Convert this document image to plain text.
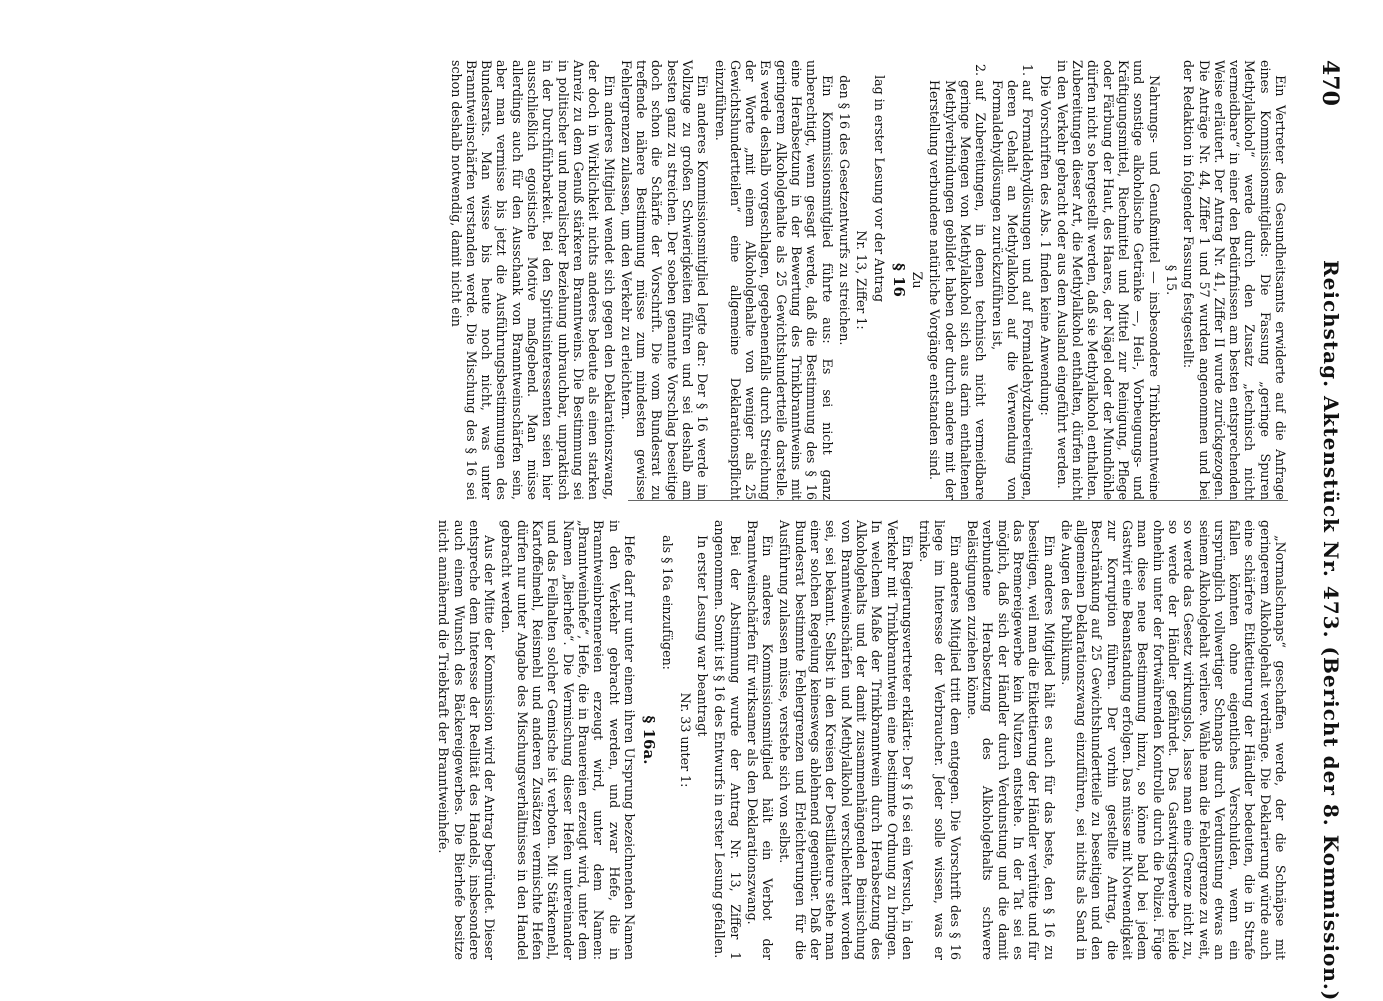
470
Reichstag. Aktenstück Nr. 473. (Bericht der 8. Kommission.)

Ein Vertreter des Gesundheitsamts erwiderte auf die Anfrage eines Kommissionsmitglieds: Die Fassung „geringe Spuren Methylalkohol“ werde durch den Zusatz „technisch nicht vermeidbare“ in einer den Bedürfnissen am besten entsprechenden Weise erläutert. Der Antrag Nr. 41, Ziffer II wurde zurückgezogen. Die Anträge Nr. 44, Ziffer 1 und 57 wurden angenommen und bei der Redaktion in folgender Fassung festgestellt:

§ 15.

Nahrungs- und Genußmittel — insbesondere Trinkbranntweine und sonstige alkoholische Getränke —, Heil-, Vorbeugungs- und Kräftigungsmittel, Riechmittel und Mittel zur Reinigung, Pflege oder Färbung der Haut, des Haares, der Nägel oder der Mundhöhle dürfen nicht so hergestellt werden, daß sie Methylalkohol enthalten. Zubereitungen dieser Art, die Methylalkohol enthalten, dürfen nicht in den Verkehr gebracht oder aus dem Ausland eingeführt werden.

Die Vorschriften des Abs. 1 finden keine Anwendung:

1. auf Formaldehydlösungen und auf Formaldehydzubereitungen, deren Gehalt an Methylalkohol auf die Verwendung von Formaldehydlösungen zurückzuführen ist,
2. auf Zubereitungen, in denen technisch nicht vermeidbare geringe Mengen von Methylalkohol sich aus darin enthaltenen Methylverbindungen gebildet haben oder durch andere mit der Herstellung verbundene natürliche Vorgänge entstanden sind.

Zu

§ 16

lag in erster Lesung vor der Antrag

Nr. 13, Ziffer 1:

den § 16 des Gesetzentwurfs zu streichen.

Ein Kommissionsmitglied führte aus: Es sei nicht ganz unberechtigt, wenn gesagt werde, daß die Bestimmung des § 16 eine Herabsetzung in der Bewertung des Trinkbranntweins mit geringerem Alkoholgehalte als 25 Gewichtshundertteile darstelle. Es werde deshalb vorgeschlagen, gegebenenfalls durch Streichung der Worte „mit einem Alkoholgehalte von weniger als 25 Gewichtshundertteilen“ eine allgemeine Deklarationspflicht einzuführen.

Ein anderes Kommissionsmitglied legte dar: Der § 16 werde im Vollzuge zu großen Schwierigkeiten führen und sei deshalb am besten ganz zu streichen. Der soeben genannte Vorschlag beseitige doch schon die Schärfe der Vorschrift. Die vom Bundesrat zu treffende nähere Bestimmung müsse zum mindesten gewisse Fehlergrenzen zulassen, um den Verkehr zu erleichtern.

Ein anderes Mitglied wendet sich gegen den Deklarationszwang, der doch in Wirklichkeit nichts anderes bedeute als einen starken Anreiz zu dem Genuß stärkeren Branntweins. Die Bestimmung sei in politischer und moralischer Beziehung unbrauchbar, unpraktisch in der Durchführbarkeit. Bei den Spiritusinteressenten seien hier ausschließlich egoistische Motive maßgebend. Man müsse allerdings auch für den Ausschank von Branntweinschärfen sein, aber man vermisse bis jetzt die Ausführungsbestimmungen des Bundesrats. Man wisse bis heute noch nicht, was unter Branntweinschärfen verstanden werde. Die Mischung des § 16 sei schon deshalb notwendig, damit nicht ein

„Normalschnaps“ geschaffen werde, der die Schnäpse mit geringerem Alkoholgehalt verdränge. Die Deklarierung würde auch eine schärfere Etikettierung der Händler bedeuten, die in Strafe fallen könnten ohne eigentliches Verschulden, wenn ein ursprünglich vollwertiger Schnaps durch Verdunstung etwas an seinem Alkoholgehalt verliere. Wähle man die Fehlergrenze zu weit, so werde das Gesetz wirkungslos, lasse man eine Grenze nicht zu, so werde der Händler gefährdet. Das Gastwirtsgewerbe leide ohnehin unter der fortwährenden Kontrolle durch die Polizei. Füge man diese neue Bestimmung hinzu, so könne bald bei jedem Gastwirt eine Beanstandung erfolgen. Das müsse mit Notwendigkeit zur Korruption führen. Der vorhin gestellte Antrag, die Beschränkung auf 25 Gewichtshundertteile zu beseitigen und den allgemeinen Deklarationszwang einzuführen, sei nichts als Sand in die Augen des Publikums.

Ein anderes Mitglied hält es auch für das beste, den § 16 zu beseitigen, weil man die Etikettierung der Händler verhütte und für das Bremereigewerbe kein Nutzen entstehe. In der Tat sei es möglich, daß sich der Händler durch Verdunstung und die damit verbundene Herabsetzung des Alkoholgehalts schwere Belästigungen zuziehen könne.

Ein anderes Mitglied tritt dem entgegen. Die Vorschrift des § 16 liege im Interesse der Verbraucher. Jeder solle wissen, was er trinke.

Ein Regierungsvertreter erklärte: Der § 16 sei ein Versuch, in den Verkehr mit Trinkbranntwein eine bestimmte Ordnung zu bringen. In welchem Maße der Trinkbranntwein durch Herabsetzung des Alkoholgehalts und der damit zusammenhängenden Beimischung von Branntweinschärfen und Methylalkohol verschlechtert worden sei, sei bekannt. Selbst in den Kreisen der Destillateure stehe man einer solchen Regelung keineswegs ablehnend gegenüber. Daß der Bundesrat bestimmte Fehlergrenzen und Erleichterungen für die Ausführung zulassen müsse, verstehe sich von selbst.

Ein anderes Kommissionsmitglied hält ein Verbot der Branntweinschärfen für wirksamer als den Deklarationszwang.

Bei der Abstimmung wurde der Antrag Nr. 13, Ziffer 1 angenommen. Somit ist § 16 des Entwurfs in erster Lesung gefallen.

In erster Lesung war beantragt

Nr. 33 unter 1:

als § 16a einzufügen:

§ 16a.

Hefe darf nur unter einem ihren Ursprung bezeichnenden Namen in den Verkehr gebracht werden, und zwar Hefe, die in Branntweinbrennereien erzeugt wird, unter dem Namen: „Branntweinhefe“, Hefe, die in Brauereien erzeugt wird, unter dem Namen „Bierhefe“. Die Vermischung dieser Hefen untereinander und das Feilhalten solcher Gemische ist verboten. Mit Stärkemehl, Kartoffelmehl, Reismehl und anderen Zusätzen vermischte Hefen dürfen nur unter Angabe des Mischungsverhältnisses in den Handel gebracht werden.

Aus der Mitte der Kommission wird der Antrag begründet. Dieser entspreche dem Interesse der Reellität des Handels, insbesondere auch einem Wunsch des Bäckereigewerbes. Die Bierhefe besitze nicht annähernd die Triebkraft der Branntweinhefe.
